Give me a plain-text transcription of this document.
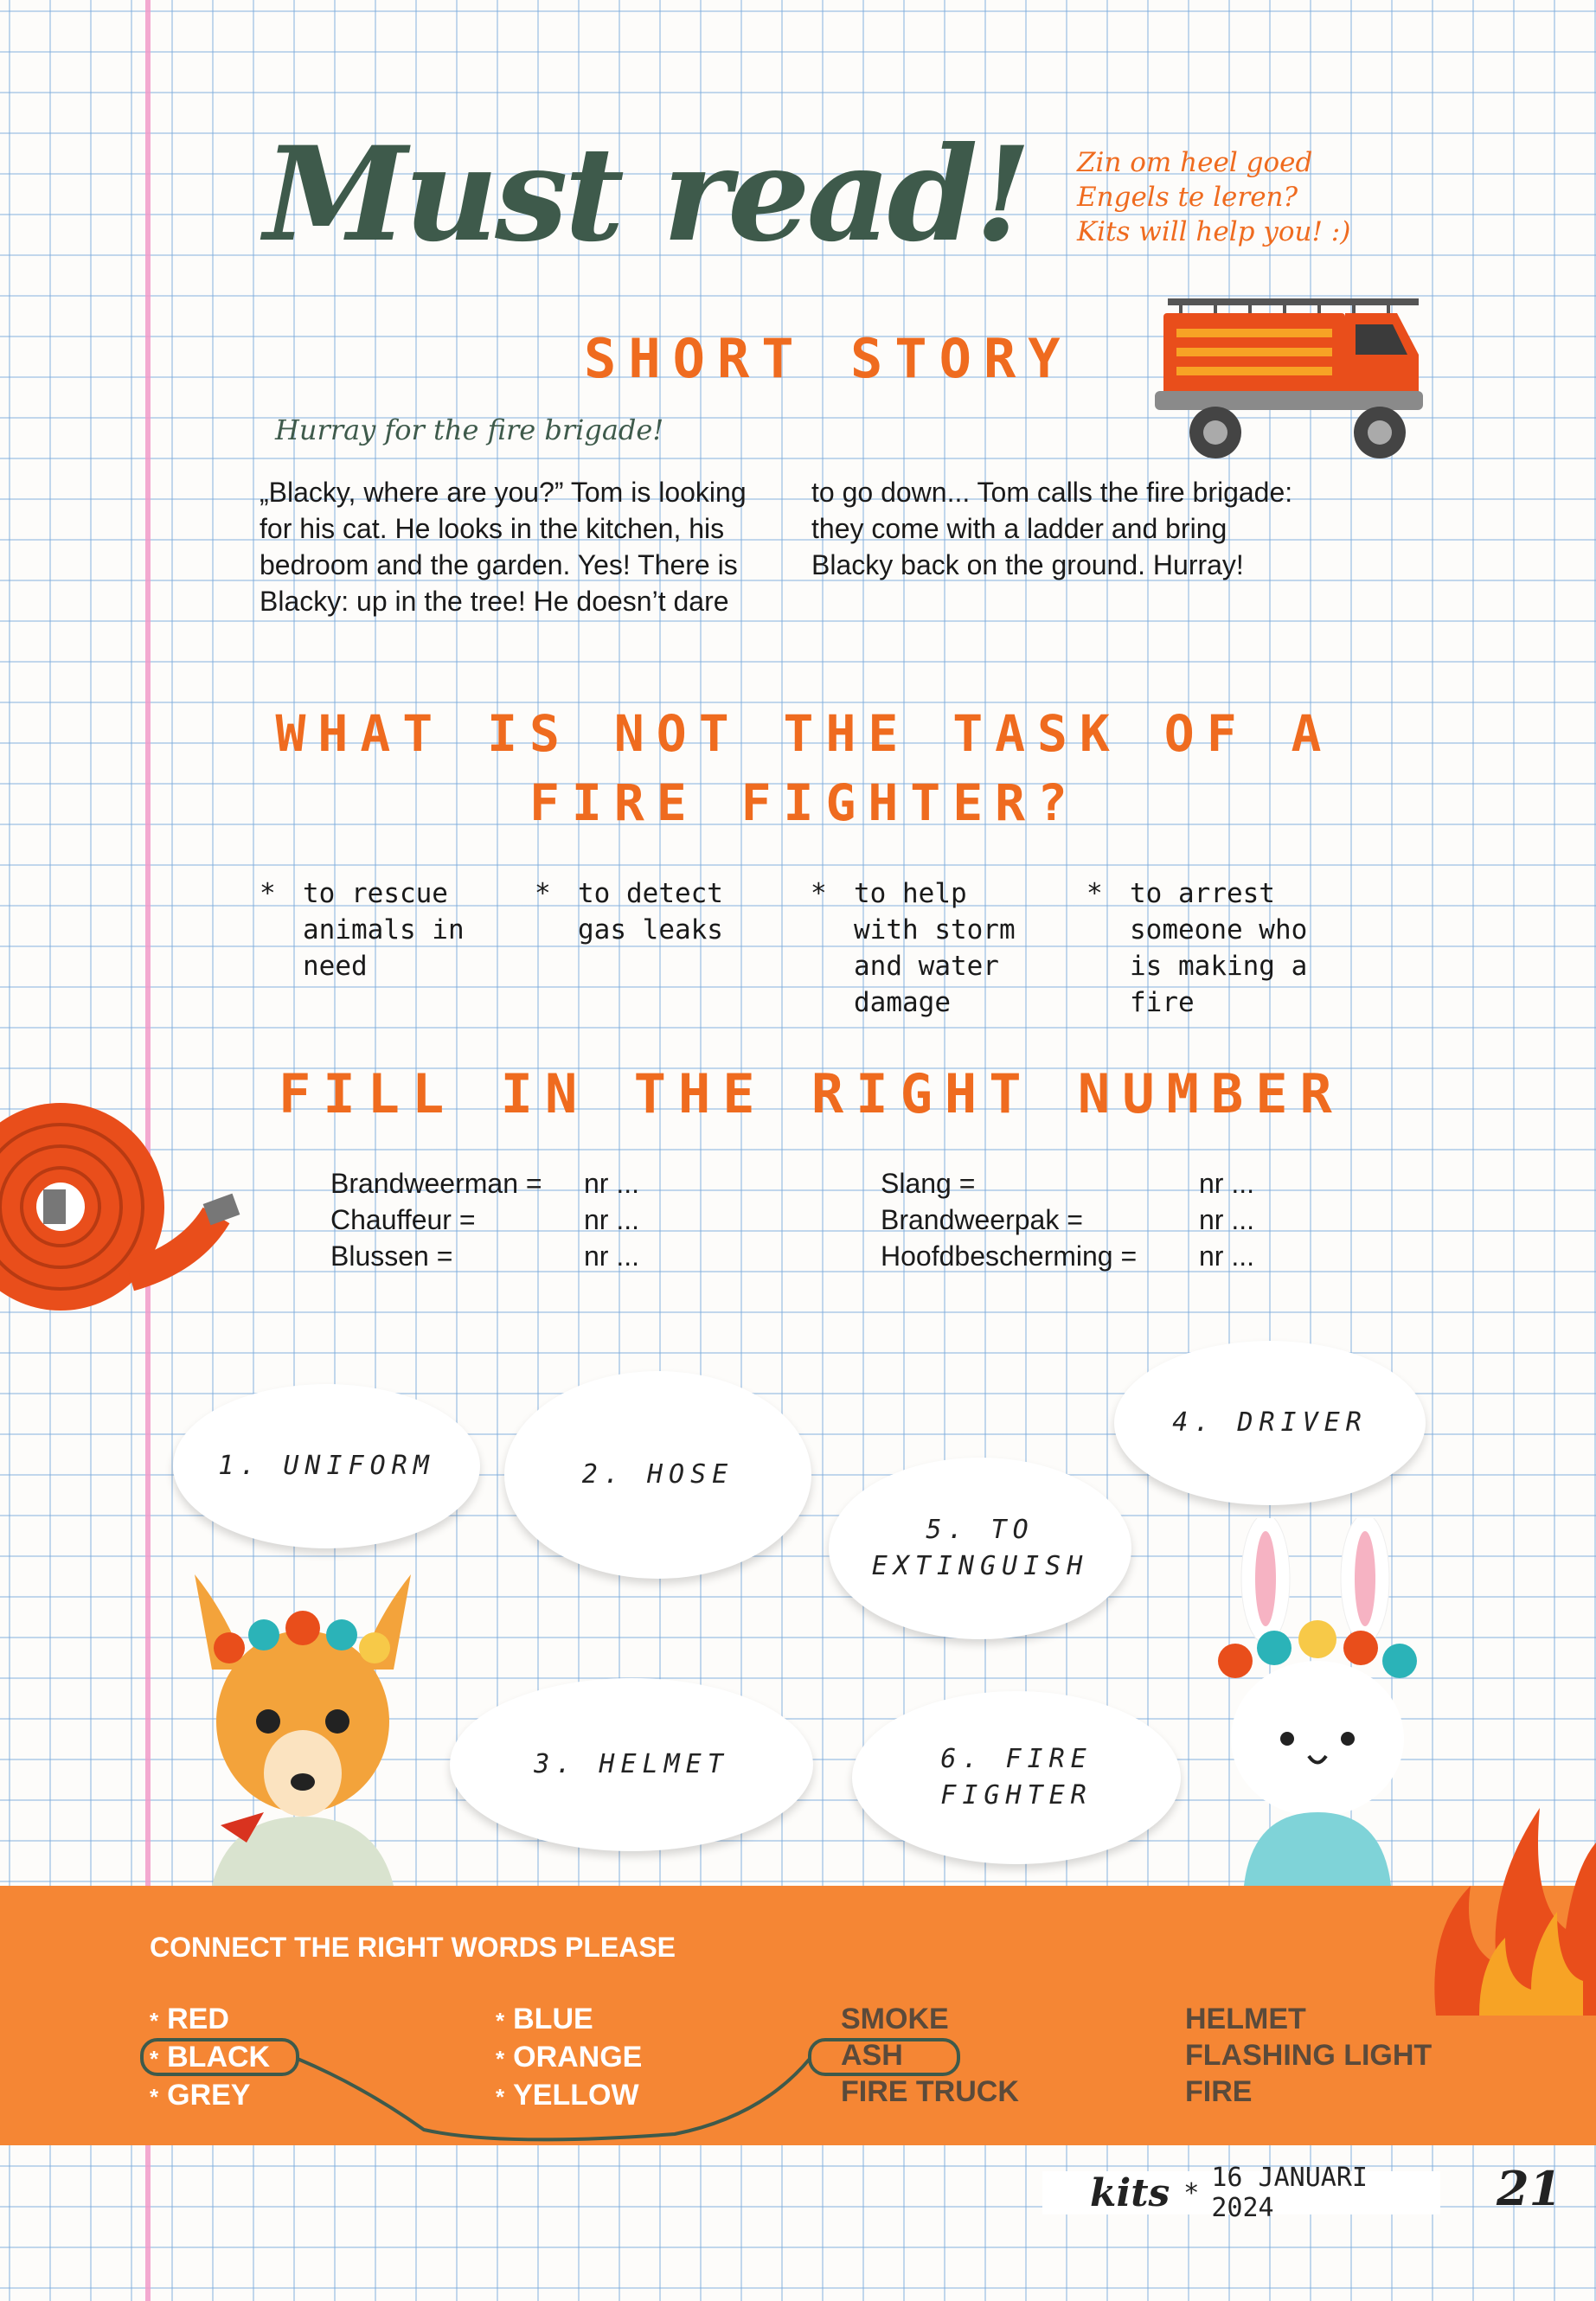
Must read! Zin om heel goed
Engels te leren?
Kits will help you! :)
SHORT STORY
Hurray for the fire brigade!
„Blacky, where are you?” Tom is looking
for his cat. He looks in the kitchen, his
bedroom and the garden. Yes! There is
Blacky: up in the tree! He doesn’t dare
to go down... Tom calls the fire brigade:
they come with a ladder and bring
Blacky back on the ground. Hurray!
WHAT IS NOT THE TASK OF A
FIRE FIGHTER?
*	to rescue
animals in
need
*	to detect
gas leaks
*	to help
with storm
and water
damage
*	to arrest
someone who
is making a
fire
FILL IN THE RIGHT NUMBER
Brandweerman =	nr ...
Chauffeur =	nr ...
Blussen =	nr ...
Slang =	nr ...
Brandweerpak =	nr ...
Hoofdbescherming =	nr ...
1. UNIFORM	2. HOSE
4. DRIVER
5. TO
EXTINGUISH
3. HELMET	6. FIRE
FIGHTER
CONNECT THE RIGHT WORDS PLEASE
* RED
* BLACK
* GREY
* BLUE
* ORANGE
* YELLOW
SMOKE
ASH
FIRE TRUCK
HELMET
FLASHING LIGHT
FIRE
kits * 16 JANUARI 2024	21
